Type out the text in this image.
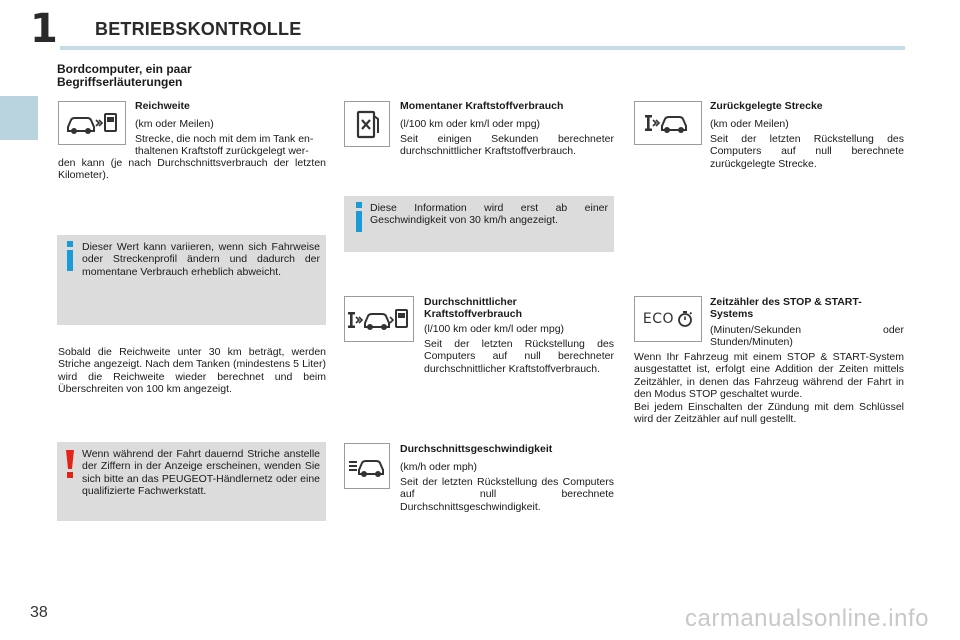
1 BETRIEBSKONTROLLE
Bordcomputer, ein paar Begriffserläuterungen
Reichweite
(km oder Meilen)
Strecke, die noch mit dem im Tank en-
thaltenen Kraftstoff zurückgelegt wer-
den kann (je nach Durchschnittsverbrauch der letzten Kilometer).
Dieser Wert kann variieren, wenn sich Fahrweise oder Streckenprofil ändern und dadurch der momentane Verbrauch erheblich abweicht.
Sobald die Reichweite unter 30 km beträgt, werden Striche angezeigt. Nach dem Tanken (mindestens 5 Liter) wird die Reichweite wieder berechnet und beim Überschreiten von 100 km angezeigt.
Wenn während der Fahrt dauernd Striche anstelle der Ziffern in der Anzeige erscheinen, wenden Sie sich bitte an das PEUGEOT-Händlernetz oder eine qualifizierte Fachwerkstatt.
Momentaner Kraftstoffverbrauch
(l/100 km oder km/l oder mpg)
Seit einigen Sekunden berechneter durchschnittlicher Kraftstoffverbrauch.
Diese Information wird erst ab einer Geschwindigkeit von 30 km/h angezeigt.
Durchschnittlicher Kraftstoffverbrauch
(l/100 km oder km/l oder mpg)
Seit der letzten Rückstellung des Computers auf null berechneter durchschnittlicher Kraftstoffverbrauch.
Durchschnittsgeschwindigkeit
(km/h oder mph)
Seit der letzten Rückstellung des Computers auf null berechnete Durchschnittsgeschwindigkeit.
Zurückgelegte Strecke
(km oder Meilen)
Seit der letzten Rückstellung des Computers auf null berechnete zurückgelegte Strecke.
ECO
Zeitzähler des STOP & START-Systems
(Minuten/Sekunden oder Stunden/Minuten)
Wenn Ihr Fahrzeug mit einem STOP & START-System ausgestattet ist, erfolgt eine Addition der Zeiten mittels Zeitzähler, in denen das Fahrzeug während der Fahrt in den Modus STOP geschaltet wurde.
Bei jedem Einschalten der Zündung mit dem Schlüssel wird der Zeitzähler auf null gestellt.
38	carmanualsonline.info
